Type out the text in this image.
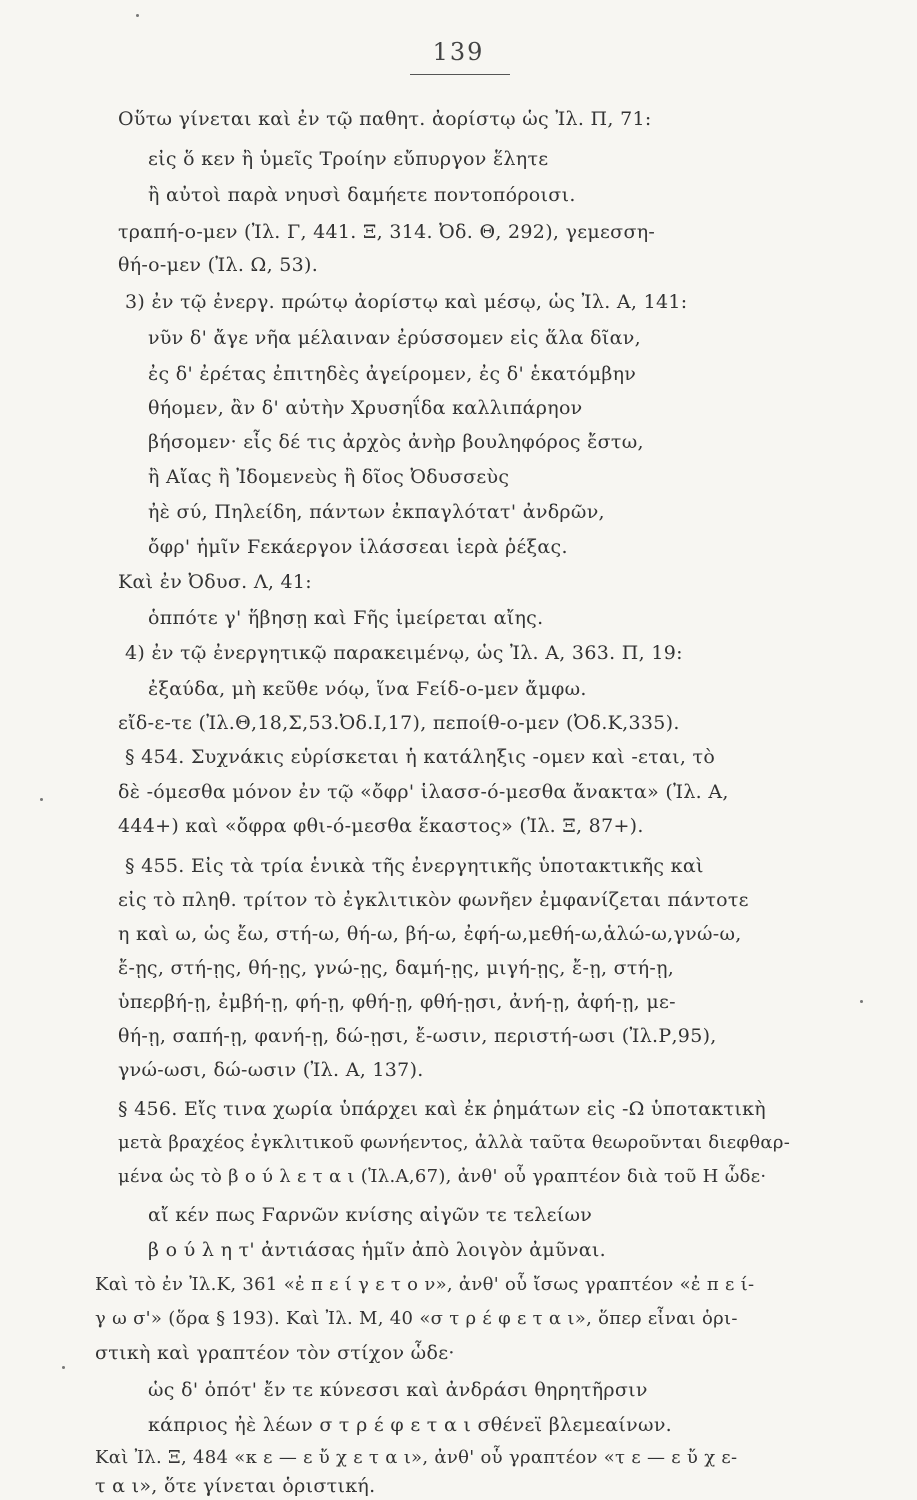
139
Οὕτω γίνεται καὶ ἐν τῷ παθητ. ἀορίστῳ ὡς Ἰλ. Π, 71:
εἰς ὅ κεν ἢ ὑμεῖς Τροίην εὔπυργον ἕλητε
ἢ αὐτοὶ παρὰ νηυσὶ δαμήετε ποντοπόροισι.
τραπή-ο-μεν (Ἰλ. Γ, 441. Ξ, 314. Ὀδ. Θ, 292), γεμεσση-
θή-ο-μεν (Ἰλ. Ω, 53).
3) ἐν τῷ ἐνεργ. πρώτῳ ἀορίστῳ καὶ μέσῳ, ὡς Ἰλ. Α, 141:
νῦν δ' ἄγε νῆα μέλαιναν ἐρύσσομεν εἰς ἅλα δῖαν,
ἐς δ' ἐρέτας ἐπιτηδὲς ἀγείρομεν, ἐς δ' ἑκατόμβην
θήομεν, ἂν δ' αὐτὴν Χρυσηΐδα καλλιπάρηον
βήσομεν· εἷς δέ τις ἀρχὸς ἀνὴρ βουληφόρος ἔστω,
ἢ Αἴας ἢ Ἰδομενεὺς ἢ δῖος Ὀδυσσεὺς
ἠὲ σύ, Πηλείδη, πάντων ἐκπαγλότατ' ἀνδρῶν,
ὄφρ' ἡμῖν Ϝεκάεργον ἱλάσσεαι ἱερὰ ῥέξας.
Καὶ ἐν Ὀδυσ. Λ, 41:
ὁππότε γ' ἥβησῃ καὶ Ϝῆς ἱμείρεται αἴης.
4) ἐν τῷ ἐνεργητικῷ παρακειμένῳ, ὡς Ἰλ. Α, 363. Π, 19:
ἐξαύδα, μὴ κεῦθε νόῳ, ἵνα Ϝείδ-ο-μεν ἄμφω.
εἴδ-ε-τε (Ἰλ.Θ,18,Σ,53.Ὀδ.Ι,17), πεποίθ-ο-μεν (Ὀδ.Κ,335).
§ 454. Συχνάκις εὑρίσκεται ἡ κατάληξις -ομεν καὶ -εται, τὸ
δὲ -όμεσθα μόνον ἐν τῷ «ὄφρ' ἱλασσ-ό-μεσθα ἄνακτα» (Ἰλ. Α,
444+) καὶ «ὄφρα φθι-ό-μεσθα ἕκαστος» (Ἰλ. Ξ, 87+).
§ 455. Εἰς τὰ τρία ἑνικὰ τῆς ἐνεργητικῆς ὑποτακτικῆς καὶ
εἰς τὸ πληθ. τρίτον τὸ ἐγκλιτικὸν φωνῆεν ἐμφανίζεται πάντοτε
η καὶ ω, ὡς ἔω, στή-ω, θή-ω, βή-ω, ἐφή-ω,μεθή-ω,ἁλώ-ω,γνώ-ω,
ἔ-ῃς, στή-ῃς, θή-ῃς, γνώ-ῃς, δαμή-ῃς, μιγή-ῃς, ἔ-ῃ, στή-ῃ,
ὑπερβή-ῃ, ἐμβή-ῃ, φή-ῃ, φθή-ῃ, φθή-ῃσι, ἀνή-ῃ, ἀφή-ῃ, με-
θή-ῃ, σαπή-ῃ, φανή-ῃ, δώ-ῃσι, ἔ-ωσιν, περιστή-ωσι (Ἰλ.Ρ,95),
γνώ-ωσι, δώ-ωσιν (Ἰλ. Α, 137).
§ 456. Εἴς τινα χωρία ὑπάρχει καὶ ἐκ ῥημάτων εἰς -Ω ὑποτακτικὴ
μετὰ βραχέος ἐγκλιτικοῦ φωνήεντος, ἀλλὰ ταῦτα θεωροῦνται διεφθαρ-
μένα ὡς τὸ β ο ύ λ ε τ α ι (Ἰλ.Α,67), ἀνθ' οὗ γραπτέον διὰ τοῦ Η ὧδε·
αἴ κέν πως Ϝαρνῶν κνίσης αἰγῶν τε τελείων
β ο ύ λ η τ' ἀντιάσας ἡμῖν ἀπὸ λοιγὸν ἀμῦναι.
Καὶ τὸ ἐν Ἰλ.Κ, 361 «ἐ π ε ί γ ε τ ο ν», ἀνθ' οὗ ἴσως γραπτέον «ἐ π ε ί-
γ ω σ'» (ὅρα § 193). Καὶ Ἰλ. Μ, 40 «σ τ ρ έ φ ε τ α ι», ὅπερ εἶναι ὁρι-
στικὴ καὶ γραπτέον τὸν στίχον ὧδε·
ὡς δ' ὁπότ' ἔν τε κύνεσσι καὶ ἀνδράσι θηρητῆρσιν
κάπριος ἠὲ λέων σ τ ρ έ φ ε τ α ι σθένεϊ βλεμεαίνων.
Καὶ Ἰλ. Ξ, 484 «κ ε — ε ὔ χ ε τ α ι», ἀνθ' οὗ γραπτέον «τ ε — ε ὔ χ ε-
τ α ι», ὅτε γίνεται ὁριστική.
